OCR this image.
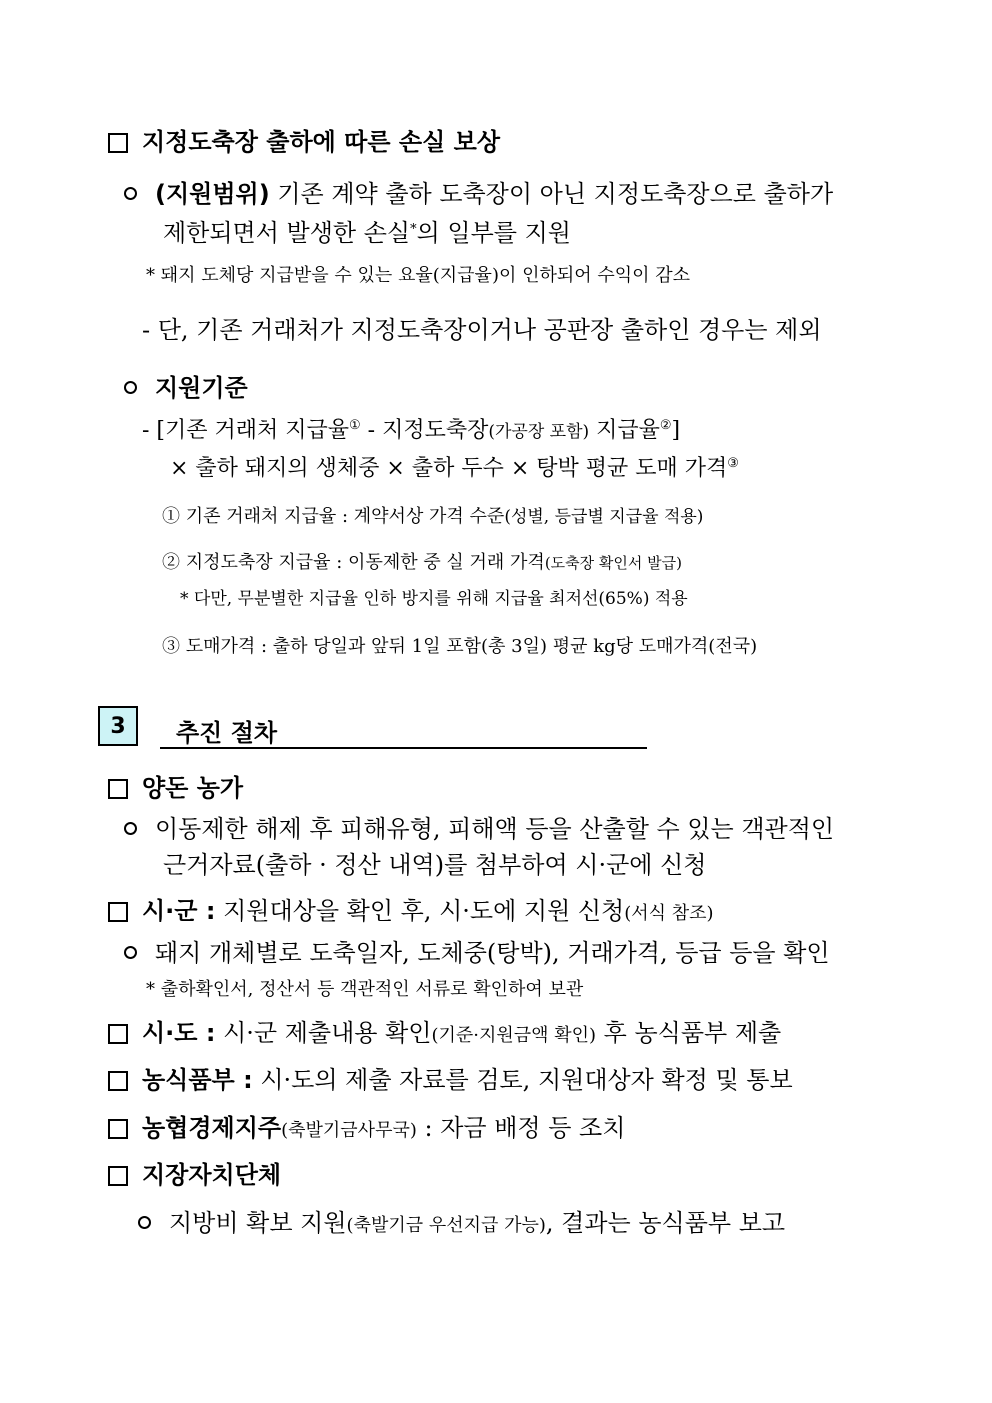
지정도축장 출하에 따른 손실 보상
(지원범위) 기존 계약 출하 도축장이 아닌 지정도축장으로 출하가
제한되면서 발생한 손실*의 일부를 지원
* 돼지 도체당 지급받을 수 있는 요율(지급율)이 인하되어 수익이 감소
- 단, 기존 거래처가 지정도축장이거나 공판장 출하인 경우는 제외
지원기준
- [기존 거래처 지급율① - 지정도축장(가공장 포함) 지급율②]
× 출하 돼지의 생체중 × 출하 두수 × 탕박 평균 도매 가격③
① 기존 거래처 지급율 : 계약서상 가격 수준(성별, 등급별 지급율 적용)
② 지정도축장 지급율 : 이동제한 중 실 거래 가격(도축장 확인서 발급)
* 다만, 무분별한 지급율 인하 방지를 위해 지급율 최저선(65%) 적용
③ 도매가격 : 출하 당일과 앞뒤 1일 포함(총 3일) 평균 kg당 도매가격(전국)
3	추진 절차
양돈 농가
이동제한 해제 후 피해유형, 피해액 등을 산출할 수 있는 객관적인
근거자료(출하 · 정산 내역)를 첨부하여 시·군에 신청
시·군 : 지원대상을 확인 후, 시·도에 지원 신청(서식 참조)
돼지 개체별로 도축일자, 도체중(탕박), 거래가격, 등급 등을 확인
* 출하확인서, 정산서 등 객관적인 서류로 확인하여 보관
시·도 : 시·군 제출내용 확인(기준·지원금액 확인) 후 농식품부 제출
농식품부 : 시·도의 제출 자료를 검토, 지원대상자 확정 및 통보
농협경제지주(축발기금사무국) : 자금 배정 등 조치
지장자치단체
지방비 확보 지원(축발기금 우선지급 가능), 결과는 농식품부 보고
